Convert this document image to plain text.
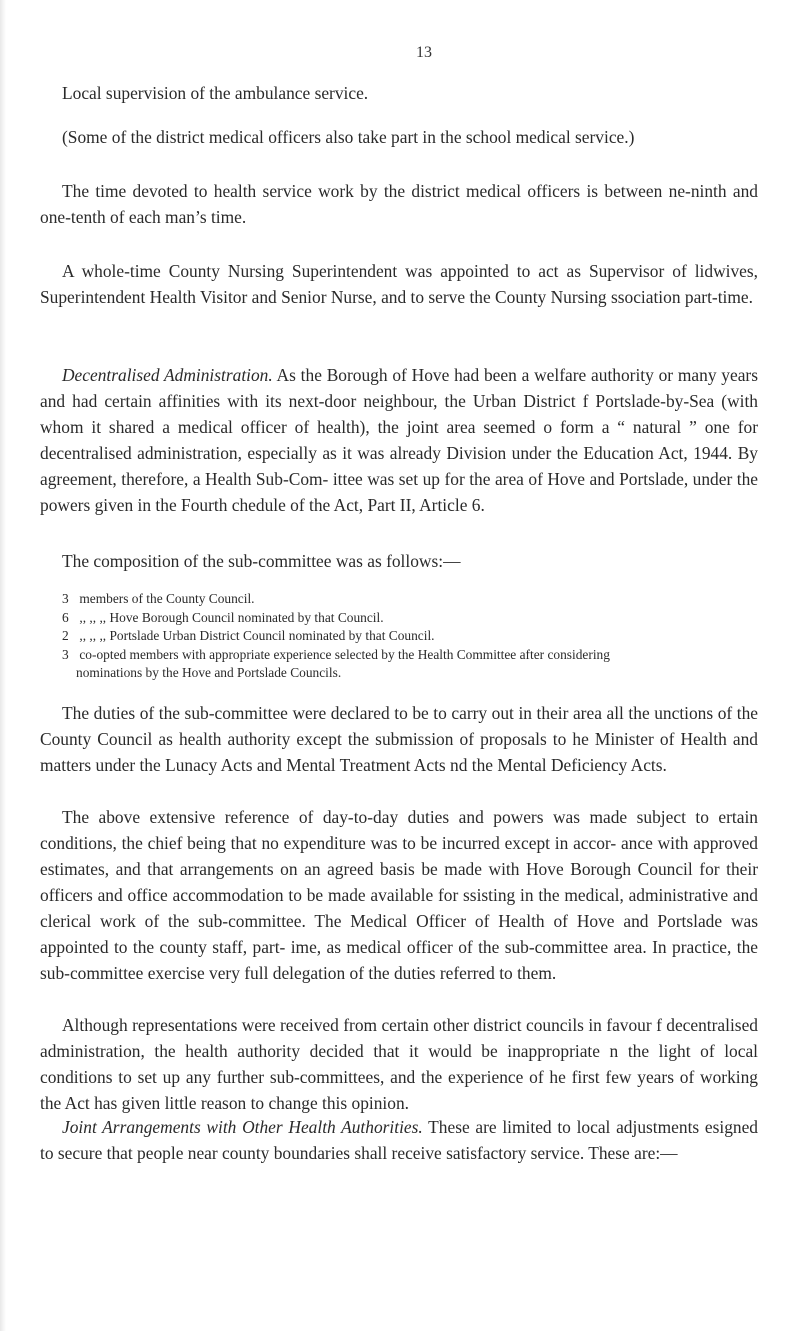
13

Local supervision of the ambulance service.

(Some of the district medical officers also take part in the school medical service.)

The time devoted to health service work by the district medical officers is between ne-ninth and one-tenth of each man’s time.

A whole-time County Nursing Superintendent was appointed to act as Supervisor of lidwives, Superintendent Health Visitor and Senior Nurse, and to serve the County Nursing ssociation part-time.

Decentralised Administration. As the Borough of Hove had been a welfare authority or many years and had certain affinities with its next-door neighbour, the Urban District f Portslade-by-Sea (with whom it shared a medical officer of health), the joint area seemed o form a “ natural ” one for decentralised administration, especially as it was already Division under the Education Act, 1944. By agreement, therefore, a Health Sub-Com- ittee was set up for the area of Hove and Portslade, under the powers given in the Fourth chedule of the Act, Part II, Article 6.

The composition of the sub-committee was as follows:—

3
members of the County Council.
6
,, ,, ,, Hove Borough Council nominated by that Council.
2
,, ,, ,, Portslade Urban District Council nominated by that Council.
3
co-opted members with appropriate experience selected by the Health Committee after considering
nominations by the Hove and Portslade Councils.

The duties of the sub-committee were declared to be to carry out in their area all the unctions of the County Council as health authority except the submission of proposals to he Minister of Health and matters under the Lunacy Acts and Mental Treatment Acts nd the Mental Deficiency Acts.

The above extensive reference of day-to-day duties and powers was made subject to ertain conditions, the chief being that no expenditure was to be incurred except in accor- ance with approved estimates, and that arrangements on an agreed basis be made with Hove Borough Council for their officers and office accommodation to be made available for ssisting in the medical, administrative and clerical work of the sub-committee. The Medical Officer of Health of Hove and Portslade was appointed to the county staff, part- ime, as medical officer of the sub-committee area. In practice, the sub-committee exercise very full delegation of the duties referred to them.

Although representations were received from certain other district councils in favour f decentralised administration, the health authority decided that it would be inappropriate n the light of local conditions to set up any further sub-committees, and the experience of he first few years of working the Act has given little reason to change this opinion.

Joint Arrangements with Other Health Authorities. These are limited to local adjustments esigned to secure that people near county boundaries shall receive satisfactory service. These are:—
